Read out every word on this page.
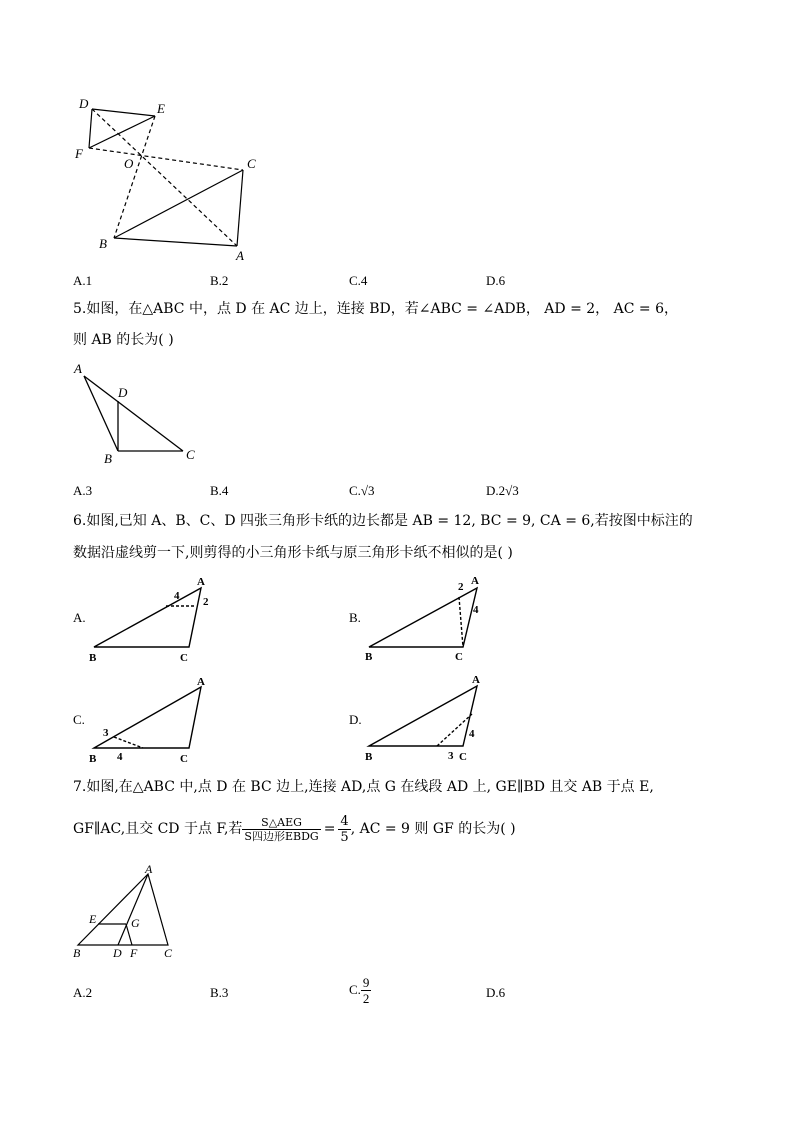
D	E
F
O	C
B
A
A.1	B.2	C.4	D.6
5.如图，在△ABC 中，点 D 在 AC 边上，连接 BD，若∠ABC = ∠ADB， AD = 2， AC = 6，
则 AB 的长为( )
A
D
B	C
A.3	B.4	C.√3	D.2√3
6.如图,已知 A、B、C、D 四张三角形卡纸的边长都是 AB = 12, BC = 9, CA = 6,若按图中标注的
数据沿虚线剪一下,则剪得的小三角形卡纸与原三角形卡纸不相似的是( )
A.	B.
C.	D.
A
B	C
4 2
A
B	C
2
4
A
B	C
3
4
A
B	C
3
4
7.如图,在△ABC 中,点 D 在 BC 边上,连接 AD,点 G 在线段 AD 上, GE∥BD 且交 AB 于点 E,
GF∥AC,且交 CD 于点 F,若 $\frac{\text{S△AEG}}{\text{S四边形EBDG}} = \frac{4}{5}$ , AC = 9 则 GF 的长为( )
A
E	G
B	D F C
A.2	B.3	C. $\frac{9}{2}$	D.6
